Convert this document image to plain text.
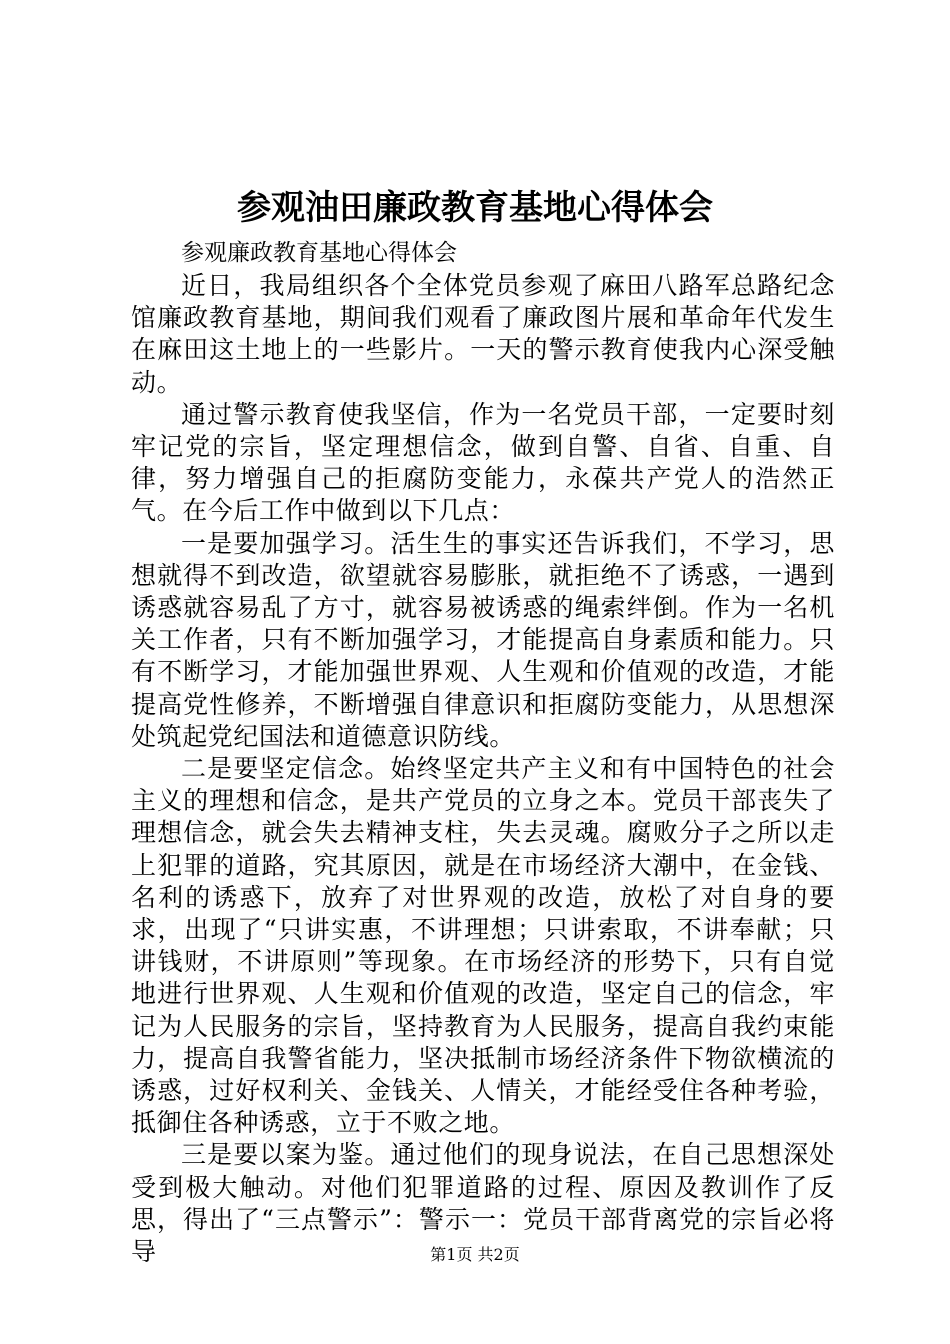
参观油田廉政教育基地心得体会

参观廉政教育基地心得体会

近日，我局组织各个全体党员参观了麻田八路军总路纪念馆廉政教育基地，期间我们观看了廉政图片展和革命年代发生在麻田这土地上的一些影片。一天的警示教育使我内心深受触动。

通过警示教育使我坚信，作为一名党员干部，一定要时刻牢记党的宗旨，坚定理想信念，做到自警、自省、自重、自律，努力增强自己的拒腐防变能力，永葆共产党人的浩然正气。在今后工作中做到以下几点：

一是要加强学习。活生生的事实还告诉我们，不学习，思想就得不到改造，欲望就容易膨胀，就拒绝不了诱惑，一遇到诱惑就容易乱了方寸，就容易被诱惑的绳索绊倒。作为一名机关工作者，只有不断加强学习，才能提高自身素质和能力。只有不断学习，才能加强世界观、人生观和价值观的改造，才能提高党性修养，不断增强自律意识和拒腐防变能力，从思想深处筑起党纪国法和道德意识防线。

二是要坚定信念。始终坚定共产主义和有中国特色的社会主义的理想和信念，是共产党员的立身之本。党员干部丧失了理想信念，就会失去精神支柱，失去灵魂。腐败分子之所以走上犯罪的道路，究其原因，就是在市场经济大潮中，在金钱、名利的诱惑下，放弃了对世界观的改造，放松了对自身的要求，出现了“只讲实惠，不讲理想；只讲索取，不讲奉献；只讲钱财，不讲原则”等现象。在市场经济的形势下，只有自觉地进行世界观、人生观和价值观的改造，坚定自己的信念，牢记为人民服务的宗旨，坚持教育为人民服务，提高自我约束能力，提高自我警省能力，坚决抵制市场经济条件下物欲横流的诱惑，过好权利关、金钱关、人情关，才能经受住各种考验，抵御住各种诱惑，立于不败之地。

三是要以案为鉴。通过他们的现身说法，在自己思想深处受到极大触动。对他们犯罪道路的过程、原因及教训作了反思，得出了“三点警示”：警示一：党员干部背离党的宗旨必将导	第1页 共2页
